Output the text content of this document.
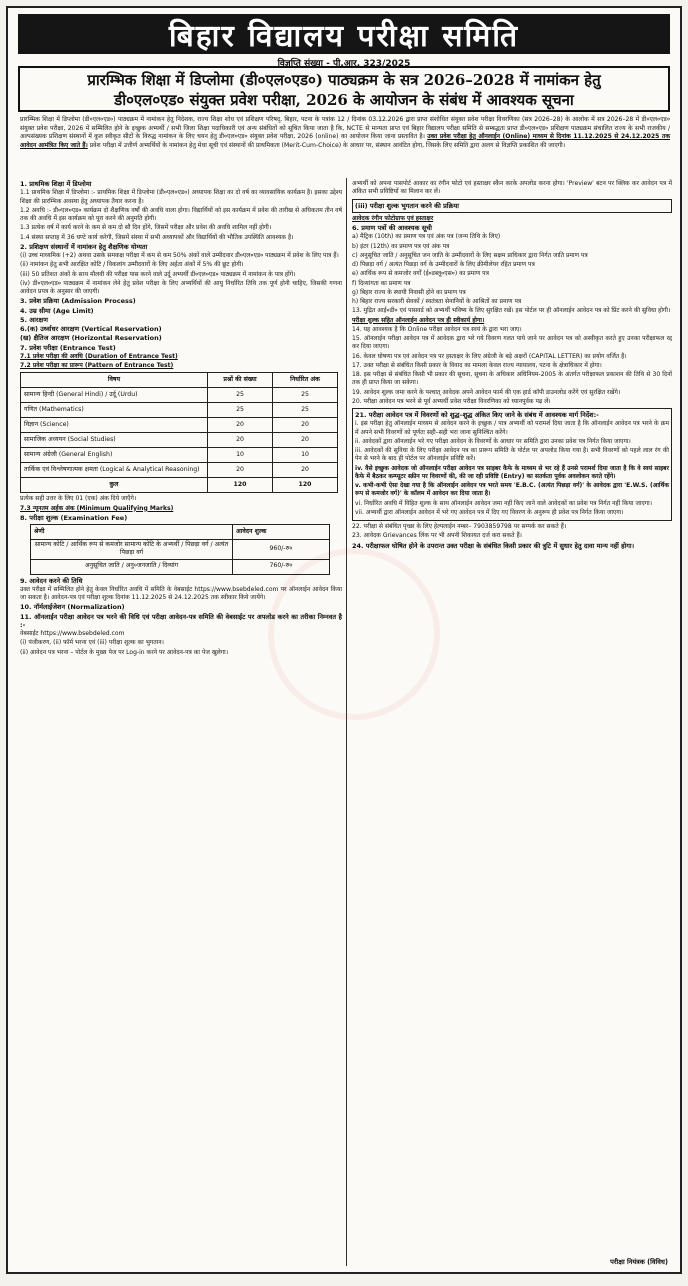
बिहार विद्यालय परीक्षा समिति
विज्ञप्ति संख्या - पी.आर. 323/2025
प्रारम्भिक शिक्षा में डिप्लोमा (डी०एल०एड०) पाठ्यक्रम के सत्र 2026–2028 में नामांकन हेतु
डी०एल०एड० संयुक्त प्रवेश परीक्षा, 2026 के आयोजन के संबंध में आवश्यक सूचना
प्रारम्भिक शिक्षा में डिप्लोमा (डी०एल०एड०) पाठ्यक्रम में नामांकन हेतु निदेशक, राज्य शिक्षा शोध एवं प्रशिक्षण परिषद्, बिहार, पटना के पत्रांक 12 / दिनांक 03.12.2026 द्वारा प्राप्त संशोधित संयुक्त प्रवेश परीक्षा विवरणिका (सत्र 2026–28) के आलोक में सत्र 2026–28 में डी०एल०एड० संयुक्त प्रवेश परीक्षा, 2026 में सम्मिलित होने के इच्छुक अभ्यर्थी / सभी जिला शिक्षा पदाधिकारी एवं अन्य संबंधितों को सूचित किया जाता है कि, NCTE से मान्यता प्राप्त एवं बिहार विद्यालय परीक्षा समिति से सम्बद्धता प्राप्त डी०एल०एड० प्रशिक्षण पाठ्यक्रम संचालित राज्य के सभी राजकीय / अल्पसंख्यक प्रशिक्षण संस्थानों में कुल स्वीकृत सीटों के विरुद्ध नामांकन के लिए चयन हेतु डी०एल०एड० संयुक्त प्रवेश परीक्षा, 2026 (online) का आयोजन किया जाना प्रस्तावित है। उक्त प्रवेश परीक्षा हेतु ऑनलाईन (Online) माध्यम से दिनांक 11.12.2025 से 24.12.2025 तक आवेदन आमंत्रित किए जाते हैं। प्रवेश परीक्षा में उत्तीर्ण अभ्यर्थियों के नामांकन हेतु मेधा सूची एवं संस्थानों की प्राथमिकता (Merit-Cum-Choice) के आधार पर, संस्थान आवंटित होगा, जिसके लिए समिति द्वारा अलग से विज्ञप्ति प्रकाशित की जाएगी।

1. प्राथमिक शिक्षा में डिप्लोमा

1.1 प्राथमिक शिक्षा में डिप्लोमा :- प्राथमिक शिक्षा में डिप्लोमा (डी०एल०एड०) अध्यापक शिक्षा का दो वर्ष का व्यावसायिक कार्यक्रम है। इसका उद्देश्य शिक्षा की प्रारम्भिक अवस्था हेतु अध्यापक तैयार करना है।

1.2 अवधि :- डी०एल०एड० कार्यक्रम दो शैक्षणिक वर्षों की अवधि वाला होगा। विद्यार्थियों को इस कार्यक्रम में प्रवेश की तारीख से अधिकतम तीन वर्ष तक की अवधि में इस कार्यक्रम को पूरा करने की अनुमति होगी।

1.3 प्रत्येक वर्ष में कार्य करने के कम से कम दो सौ दिन होंगे, जिसमें परीक्षा और प्रवेश की अवधि शामिल नहीं होगी।

1.4 संस्था सप्ताह में 36 घण्टे कार्य करेगी, जिसमें संस्था में सभी अध्यापकों और विद्यार्थियों की भौतिक उपस्थिति आवश्यक है।

2. प्रशिक्षण संस्थानों में नामांकन हेतु शैक्षणिक योग्यता

(i) उच्च माध्यमिक (+2) अथवा उसके समकक्ष परीक्षा में कम से कम 50% अंकों वाले उम्मीदवार डी०एल०एड० पाठ्यक्रम में प्रवेश के लिए पात्र हैं।

(ii) नामांकन हेतु सभी आरक्षित कोटि / विकलांग उम्मीदवारों के लिए अर्हता अंकों में 5% की छूट होगी।

(iii) 50 प्रतिशत अंकों के साथ मौलवी की परीक्षा पास करने वाले उर्दू अभ्यर्थी डी०एल०एड० पाठ्यक्रम में नामांकन के पात्र होंगे।

(iv) डी०एल०एड० पाठ्यक्रम में नामांकन लेने हेतु प्रवेश परीक्षा के लिए अभ्यर्थियों की आयु निर्धारित तिथि तक पूर्ण होनी चाहिए, जिसकी गणना आवेदन प्रपत्र के अनुसार की जाएगी।

3. प्रवेश प्रक्रिया (Admission Process)

4. उम्र सीमा (Age Limit)

5. आरक्षण

6.(क) उर्ध्वाधर आरक्षण (Vertical Reservation)

(ख) क्षैतिज आरक्षण (Horizontal Reservation)

7. प्रवेश परीक्षा (Entrance Test)

7.1 प्रवेश परीक्षा की अवधि (Duration of Entrance Test)

7.2 प्रवेश परीक्षा का प्रारूप (Pattern of Entrance Test)

विषय	प्रश्नों की संख्या	निर्धारित अंक
सामान्य हिन्दी (General Hindi) / उर्दू (Urdu)	25	25
गणित (Mathematics)	25	25
विज्ञान (Science)	20	20
सामाजिक अध्ययन (Social Studies)	20	20
सामान्य अंग्रेजी (General English)	10	10
तार्किक एवं विश्लेषणात्मक क्षमता (Logical & Analytical Reasoning)	20	20
कुल	120	120

प्रत्येक सही उत्तर के लिए 01 (एक) अंक दिये जाएँगे।

7.3 न्यूनतम अर्हक अंक (Minimum Qualifying Marks)

8. परीक्षा शुल्क (Examination Fee)

श्रेणी	आवेदन शुल्क
सामान्य कोटि / आर्थिक रूप से कमजोर सामान्य कोटि के अभ्यर्थी / पिछड़ा वर्ग / अत्यंत पिछड़ा वर्ग	960/-रु०
अनुसूचित जाति / अनु०जनजाति / दिव्यांग	760/-रु०

9. आवेदन करने की तिथि

उक्त परीक्षा में सम्मिलित होने हेतु केवल निर्धारित अवधि में समिति के वेबसाईट https://www.bsebdeled.com पर ऑनलाईन आवेदन किया जा सकता है। आवेदन-पत्र एवं परीक्षा शुल्क दिनांक 11.12.2025 से 24.12.2025 तक स्वीकार किये जायेंगे।

10. नॉर्मलाईजेशन (Normalization)

11. ऑनलाईन परीक्षा आवेदन पत्र भरने की विधि एवं परीक्षा आवेदन-पत्र समिति की वेबसाईट पर अपलोड करने का तरीका निम्नवत है :-

वेबसाईट https://www.bsebdeled.com

(i) पंजीकरण, (ii) फॉर्म भरना एवं (iii) परीक्षा शुल्क का भुगतान।

(ii) आवेदन पत्र भरना – पोर्टल के मुख्य पेज पर Log-in करने पर आवेदन-पत्र का पेज खुलेगा।

अभ्यर्थी को अपना पासपोर्ट आकार का रंगीन फोटो एवं हस्ताक्षर स्कैन करके अपलोड करना होगा। 'Preview' बटन पर क्लिक कर आवेदन पत्र में अंकित सभी प्रविष्टियों का मिलान कर लें।

(iii) परीक्षा शुल्क भुगतान करने की प्रक्रिया

आवेदक रंगीन फोटोग्राफ एवं हस्ताक्षर

6. प्रमाण पत्रों की आवश्यक सूची

a) मैट्रिक (10th) का प्रमाण पत्र एवं अंक पत्र (जन्म तिथि के लिए)

b) इंटर (12th) का प्रमाण पत्र एवं अंक पत्र

c) अनुसूचित जाति / अनुसूचित जन जाति के उम्मीदवारों के लिए सक्षम प्राधिकार द्वारा निर्गत जाति प्रमाण पत्र

d) पिछड़ा वर्ग / अत्यंत पिछड़ा वर्ग के उम्मीदवारों के लिए क्रीमीलेयर रहित प्रमाण पत्र

e) आर्थिक रूप से कमजोर वर्गों (ई०डब्लू०एस०) का प्रमाण पत्र

f) दिव्यांगता का प्रमाण पत्र

g) बिहार राज्य के स्थायी निवासी होने का प्रमाण पत्र

h) बिहार राज्य सरकारी सेवकों / स्वतंत्रता सेनानियों के आश्रितों का प्रमाण पत्र

13. मुद्रित आई०डी० एवं पासवर्ड को अभ्यर्थी भविष्य के लिए सुरक्षित रखें। इस पोर्टल पर ही ऑनलाईन आवेदन पत्र को प्रिंट करने की सुविधा होगी।

परीक्षा शुल्क सहित ऑनलाईन आवेदन पत्र ही स्वीकार्य होगा।

14. यह आवश्यक है कि Online परीक्षा आवेदन पत्र स्वयं के द्वारा भरा जाए।

15. ऑनलाईन परीक्षा आवेदन पत्र में आवेदक द्वारा भरे गये विवरण गलत पाये जाने पर आवेदन पत्र को अस्वीकृत करते हुए उनका परीक्षाफल रद्द कर दिया जाएगा।

16. केवल घोषणा पत्र एवं आवेदन पत्र पर हस्ताक्षर के लिए अंग्रेजी के बड़े अक्षरों (CAPITAL LETTER) का प्रयोग वर्जित है।

17. उक्त परीक्षा से संबंधित किसी प्रकार के विवाद का मामला केवल राज्य न्यायालय, पटना के क्षेत्राधिकार में होगा।

18. इस परीक्षा से संबंधित किसी भी प्रकार की सूचना, सूचना के अधिकार अधिनियम-2005 के अंतर्गत परीक्षाफल प्रकाशन की तिथि से 30 दिनों तक ही प्राप्त किया जा सकेगा।

19. आवेदन शुल्क जमा करने के पश्चात् आवेदक अपने आवेदन फार्म की एक हार्ड कॉपी डाउनलोड करेंगे एवं सुरक्षित रखेंगे।

20. परीक्षा आवेदन पत्र भरने से पूर्व अभ्यर्थी प्रवेश परीक्षा विवरणिका को ध्यानपूर्वक पढ़ लें।

21. परीक्षा आवेदन पत्र में विवरणों को शुद्ध–शुद्ध अंकित किए जाने के संबंध में आवश्यक मार्ग निर्देश:-

i. इस परीक्षा हेतु ऑनलाईन माध्यम से आवेदन करने के इच्छुक / पात्र अभ्यर्थी को परामर्श दिया जाता है कि ऑनलाईन आवेदन पत्र भरने के क्रम में अपने सभी विवरणों को पूर्णतः सही–सही भरा जाना सुनिश्चित करेंगे।

ii. आवेदकों द्वारा ऑनलाईन भरे गए परीक्षा आवेदन के विवरणों के आधार पर समिति द्वारा उनका प्रवेश पत्र निर्गत किया जाएगा।

iii. आवेदकों की सुविधा के लिए परीक्षा आवेदन पत्र का प्रारूप समिति के पोर्टल पर अपलोड किया गया है। सभी विवरणों को पहले लाल रंग की पेन से भरने के बाद ही पोर्टल पर ऑनलाईन प्रविष्टि करें।

iv. वैसे इच्छुक आवेदक जो ऑनलाईन परीक्षा आवेदन पत्र साइबर कैफे के माध्यम से भर रहे हैं उनसे परामर्श दिया जाता है कि वे स्वयं साइबर कैफे में बैठकर कम्प्यूटर स्क्रीन पर विवरणों की, की जा रही प्रविष्टि (Entry) का सतर्कता पूर्वक अवलोकन करते रहेंगे।

v. कभी-कभी ऐसा देखा गया है कि ऑनलाईन आवेदन पत्र भरते समय 'E.B.C. (अत्यंत पिछड़ा वर्ग)' के आवेदक द्वारा 'E.W.S. (आर्थिक रूप से कमजोर वर्ग)' के कॉलम में आवेदन कर दिया जाता है।

vi. निर्धारित अवधि में विहित शुल्क के साथ ऑनलाईन आवेदन जमा नहीं किए जाने वाले आवेदकों का प्रवेश पत्र निर्गत नहीं किया जाएगा।

vii. अभ्यर्थी द्वारा ऑनलाईन आवेदन में भरे गए आवेदन पत्र में दिए गए विवरण के अनुरूप ही प्रवेश पत्र निर्गत किया जाएगा।

22. परीक्षा से संबंधित पृच्छा के लिए हेल्पलाईन नम्बर– 7903859798 पर सम्पर्क कर सकते हैं।

23. आवेदक Grievances लिंक पर भी अपनी शिकायत दर्ज करा सकते हैं।

24. परीक्षाफल घोषित होने के उपरान्त उक्त परीक्षा के संबंधित किसी प्रकार की त्रुटि में सुधार हेतु दावा मान्य नहीं होगा।

परीक्षा नियंत्रक (विविध)
